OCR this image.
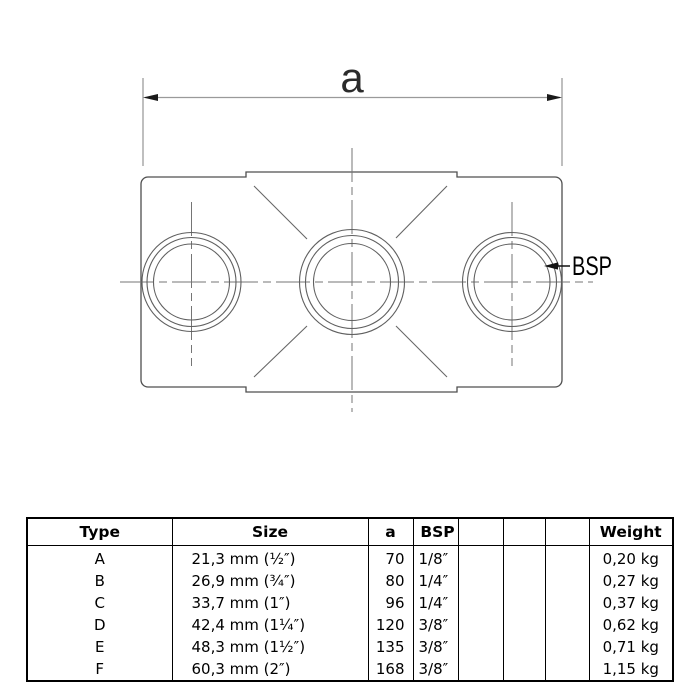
a
BSP
Type	Size	a	BSP				Weight
A	21,3 mm (½″)	70	1/8″				0,20 kg
B	26,9 mm (¾″)	80	1/4″				0,27 kg
C	33,7 mm (1″)	96	1/4″				0,37 kg
D	42,4 mm (1¼″)	120	3/8″				0,62 kg
E	48,3 mm (1½″)	135	3/8″				0,71 kg
F	60,3 mm (2″)	168	3/8″				1,15 kg
